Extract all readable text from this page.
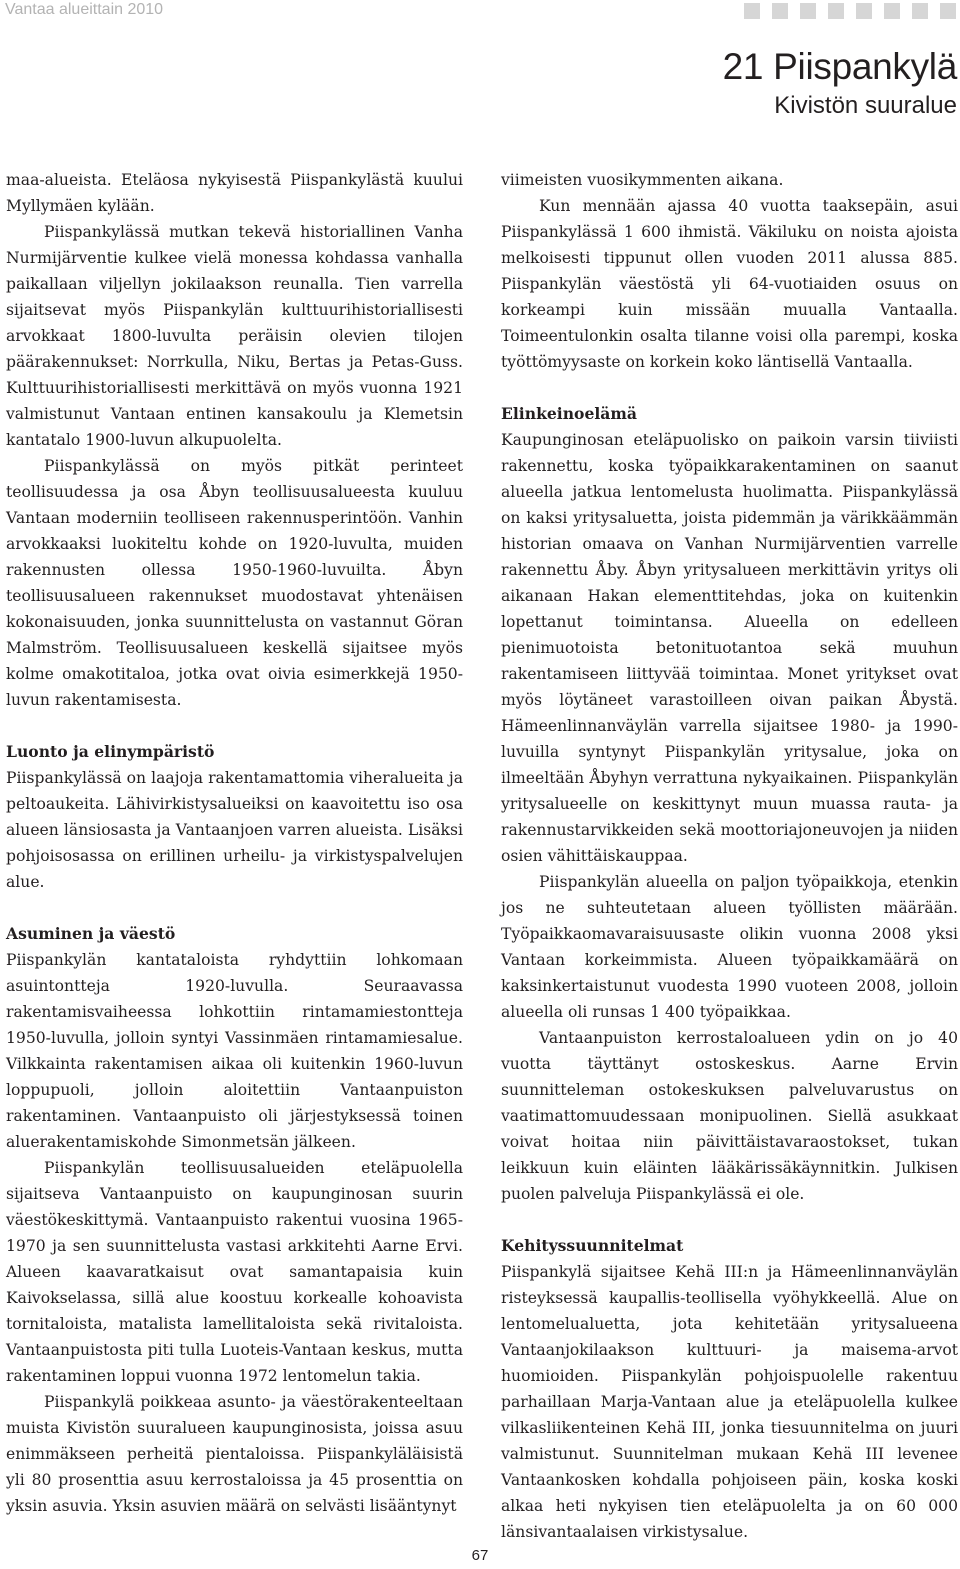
Vantaa alueittain 2010
21 Piispankylä
Kivistön suuralue

maa-alueista. Eteläosa nykyisestä Piispankylästä kuului Myllymäen kylään.

Piispankylässä mutkan tekevä historiallinen Vanha Nurmijärventie kulkee vielä monessa kohdassa vanhalla paikallaan viljellyn jokilaakson reunalla. Tien varrella sijaitsevat myös Piispankylän kulttuurihistoriallisesti arvokkaat 1800-luvulta peräisin olevien tilojen päärakennukset: Norrkulla, Niku, Bertas ja Petas-Guss. Kulttuurihistoriallisesti merkittävä on myös vuonna 1921 valmistunut Vantaan entinen kansakoulu ja Klemetsin kantatalo 1900-luvun alkupuolelta.

Piispankylässä on myös pitkät perinteet teollisuudessa ja osa Åbyn teollisuusalueesta kuuluu Vantaan moderniin teolliseen rakennusperintöön. Vanhin arvokkaaksi luokiteltu kohde on 1920-luvulta, muiden rakennusten ollessa 1950-1960-luvuilta. Åbyn teollisuusalueen rakennukset muodostavat yhtenäisen kokonaisuuden, jonka suunnittelusta on vastannut Göran Malmström. Teollisuusalueen keskellä sijaitsee myös kolme omakotitaloa, jotka ovat oivia esimerkkejä 1950-luvun rakentamisesta.

Luonto ja elinympäristö

Piispankylässä on laajoja rakentamattomia viheralueita ja peltoaukeita. Lähivirkistysalueiksi on kaavoitettu iso osa alueen länsiosasta ja Vantaanjoen varren alueista. Lisäksi pohjoisosassa on erillinen urheilu- ja virkistyspalvelujen alue.

Asuminen ja väestö

Piispankylän kantataloista ryhdyttiin lohkomaan asuintontteja 1920-luvulla. Seuraavassa rakentamisvaiheessa lohkottiin rintamamiestontteja 1950-luvulla, jolloin syntyi Vassinmäen rintamamiesalue. Vilkkainta rakentamisen aikaa oli kuitenkin 1960-luvun loppupuoli, jolloin aloitettiin Vantaanpuiston rakentaminen. Vantaanpuisto oli järjestyksessä toinen aluerakentamiskohde Simonmetsän jälkeen.

Piispankylän teollisuusalueiden eteläpuolella sijaitseva Vantaanpuisto on kaupunginosan suurin väestökeskittymä. Vantaanpuisto rakentui vuosina 1965-1970 ja sen suunnittelusta vastasi arkkitehti Aarne Ervi. Alueen kaavaratkaisut ovat samantapaisia kuin Kaivokselassa, sillä alue koostuu korkealle kohoavista tornitaloista, matalista lamellitaloista sekä rivitaloista. Vantaanpuistosta piti tulla Luoteis-Vantaan keskus, mutta rakentaminen loppui vuonna 1972 lentomelun takia.

Piispankylä poikkeaa asunto- ja väestörakenteeltaan muista Kivistön suuralueen kaupunginosista, joissa asuu enimmäkseen perheitä pientaloissa. Piispankyläläisistä yli 80 prosenttia asuu kerrostaloissa ja 45 prosenttia on yksin asuvia. Yksin asuvien määrä on selvästi lisääntynyt

viimeisten vuosikymmenten aikana.

Kun mennään ajassa 40 vuotta taaksepäin, asui Piispankylässä 1 600 ihmistä. Väkiluku on noista ajoista melkoisesti tippunut ollen vuoden 2011 alussa 885. Piispankylän väestöstä yli 64-vuotiaiden osuus on korkeampi kuin missään muualla Vantaalla. Toimeentulonkin osalta tilanne voisi olla parempi, koska työttömyysaste on korkein koko läntisellä Vantaalla.

Elinkeinoelämä

Kaupunginosan eteläpuolisko on paikoin varsin tiiviisti rakennettu, koska työpaikkarakentaminen on saanut alueella jatkua lentomelusta huolimatta. Piispankylässä on kaksi yritysaluetta, joista pidemmän ja värikkäämmän historian omaava on Vanhan Nurmijärventien varrelle rakennettu Åby. Åbyn yritysalueen merkittävin yritys oli aikanaan Hakan elementtitehdas, joka on kuitenkin lopettanut toimintansa. Alueella on edelleen pienimuotoista betonituotantoa sekä muuhun rakentamiseen liittyvää toimintaa. Monet yritykset ovat myös löytäneet varastoilleen oivan paikan Åbystä. Hämeenlinnanväylän varrella sijaitsee 1980- ja 1990-luvuilla syntynyt Piispankylän yritysalue, joka on ilmeeltään Åbyhyn verrattuna nykyaikainen. Piispankylän yritysalueelle on keskittynyt muun muassa rauta- ja rakennustarvikkeiden sekä moottoriajoneuvojen ja niiden osien vähittäiskauppaa.

Piispankylän alueella on paljon työpaikkoja, etenkin jos ne suhteutetaan alueen työllisten määrään. Työpaikkaomavaraisuusaste olikin vuonna 2008 yksi Vantaan korkeimmista. Alueen työpaikkamäärä on kaksinkertaistunut vuodesta 1990 vuoteen 2008, jolloin alueella oli runsas 1 400 työpaikkaa.

Vantaanpuiston kerrostaloalueen ydin on jo 40 vuotta täyttänyt ostoskeskus. Aarne Ervin suunnitteleman ostokeskuksen palveluvarustus on vaatimattomuudessaan monipuolinen. Siellä asukkaat voivat hoitaa niin päivittäistavaraostokset, tukan leikkuun kuin eläinten lääkärissäkäynnitkin. Julkisen puolen palveluja Piispankylässä ei ole.

Kehityssuunnitelmat

Piispankylä sijaitsee Kehä III:n ja Hämeenlinnanväylän risteyksessä kaupallis-teollisella vyöhykkeellä. Alue on lentomelualuetta, jota kehitetään yritysalueena Vantaanjokilaakson kulttuuri- ja maisema-arvot huomioiden. Piispankylän pohjoispuolelle rakentuu parhaillaan Marja-Vantaan alue ja eteläpuolella kulkee vilkasliikenteinen Kehä III, jonka tiesuunnitelma on juuri valmistunut. Suunnitelman mukaan Kehä III levenee Vantaankosken kohdalla pohjoiseen päin, koska koski alkaa heti nykyisen tien eteläpuolelta ja on 60 000 länsivantaalaisen virkistysalue.

67
